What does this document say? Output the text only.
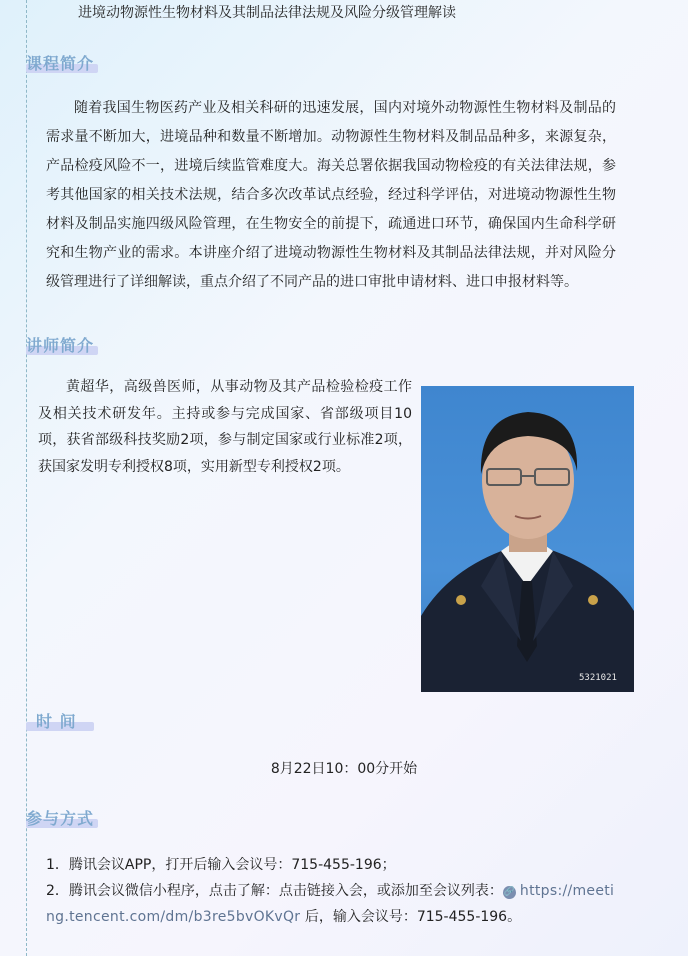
进境动物源性生物材料及其制品法律法规及风险分级管理解读
课程简介
随着我国生物医药产业及相关科研的迅速发展，国内对境外动物源性生物材料及制品的需求量不断加大，进境品种和数量不断增加。动物源性生物材料及制品品种多，来源复杂，产品检疫风险不一，进境后续监管难度大。海关总署依据我国动物检疫的有关法律法规，参考其他国家的相关技术法规，结合多次改革试点经验，经过科学评估，对进境动物源性生物材料及制品实施四级风险管理，在生物安全的前提下，疏通进口环节，确保国内生命科学研究和生物产业的需求。本讲座介绍了进境动物源性生物材料及其制品法律法规，并对风险分级管理进行了详细解读，重点介绍了不同产品的进口审批申请材料、进口申报材料等。
讲师简介
黄超华，高级兽医师，从事动物及其产品检验检疫工作及相关技术研发年。主持或参与完成国家、省部级项目10项，获省部级科技奖励2项，参与制定国家或行业标准2项，获国家发明专利授权8项，实用新型专利授权2项。
5321021
时 间
8月22日10：00分开始
参与方式
1．腾讯会议APP，打开后输入会议号：715-455-196；
2．腾讯会议微信小程序，点击了解：点击链接入会，或添加至会议列表：🔗 https://meeting.tencent.com/dm/b3re5bvOKvQr 后，输入会议号：715-455-196。
